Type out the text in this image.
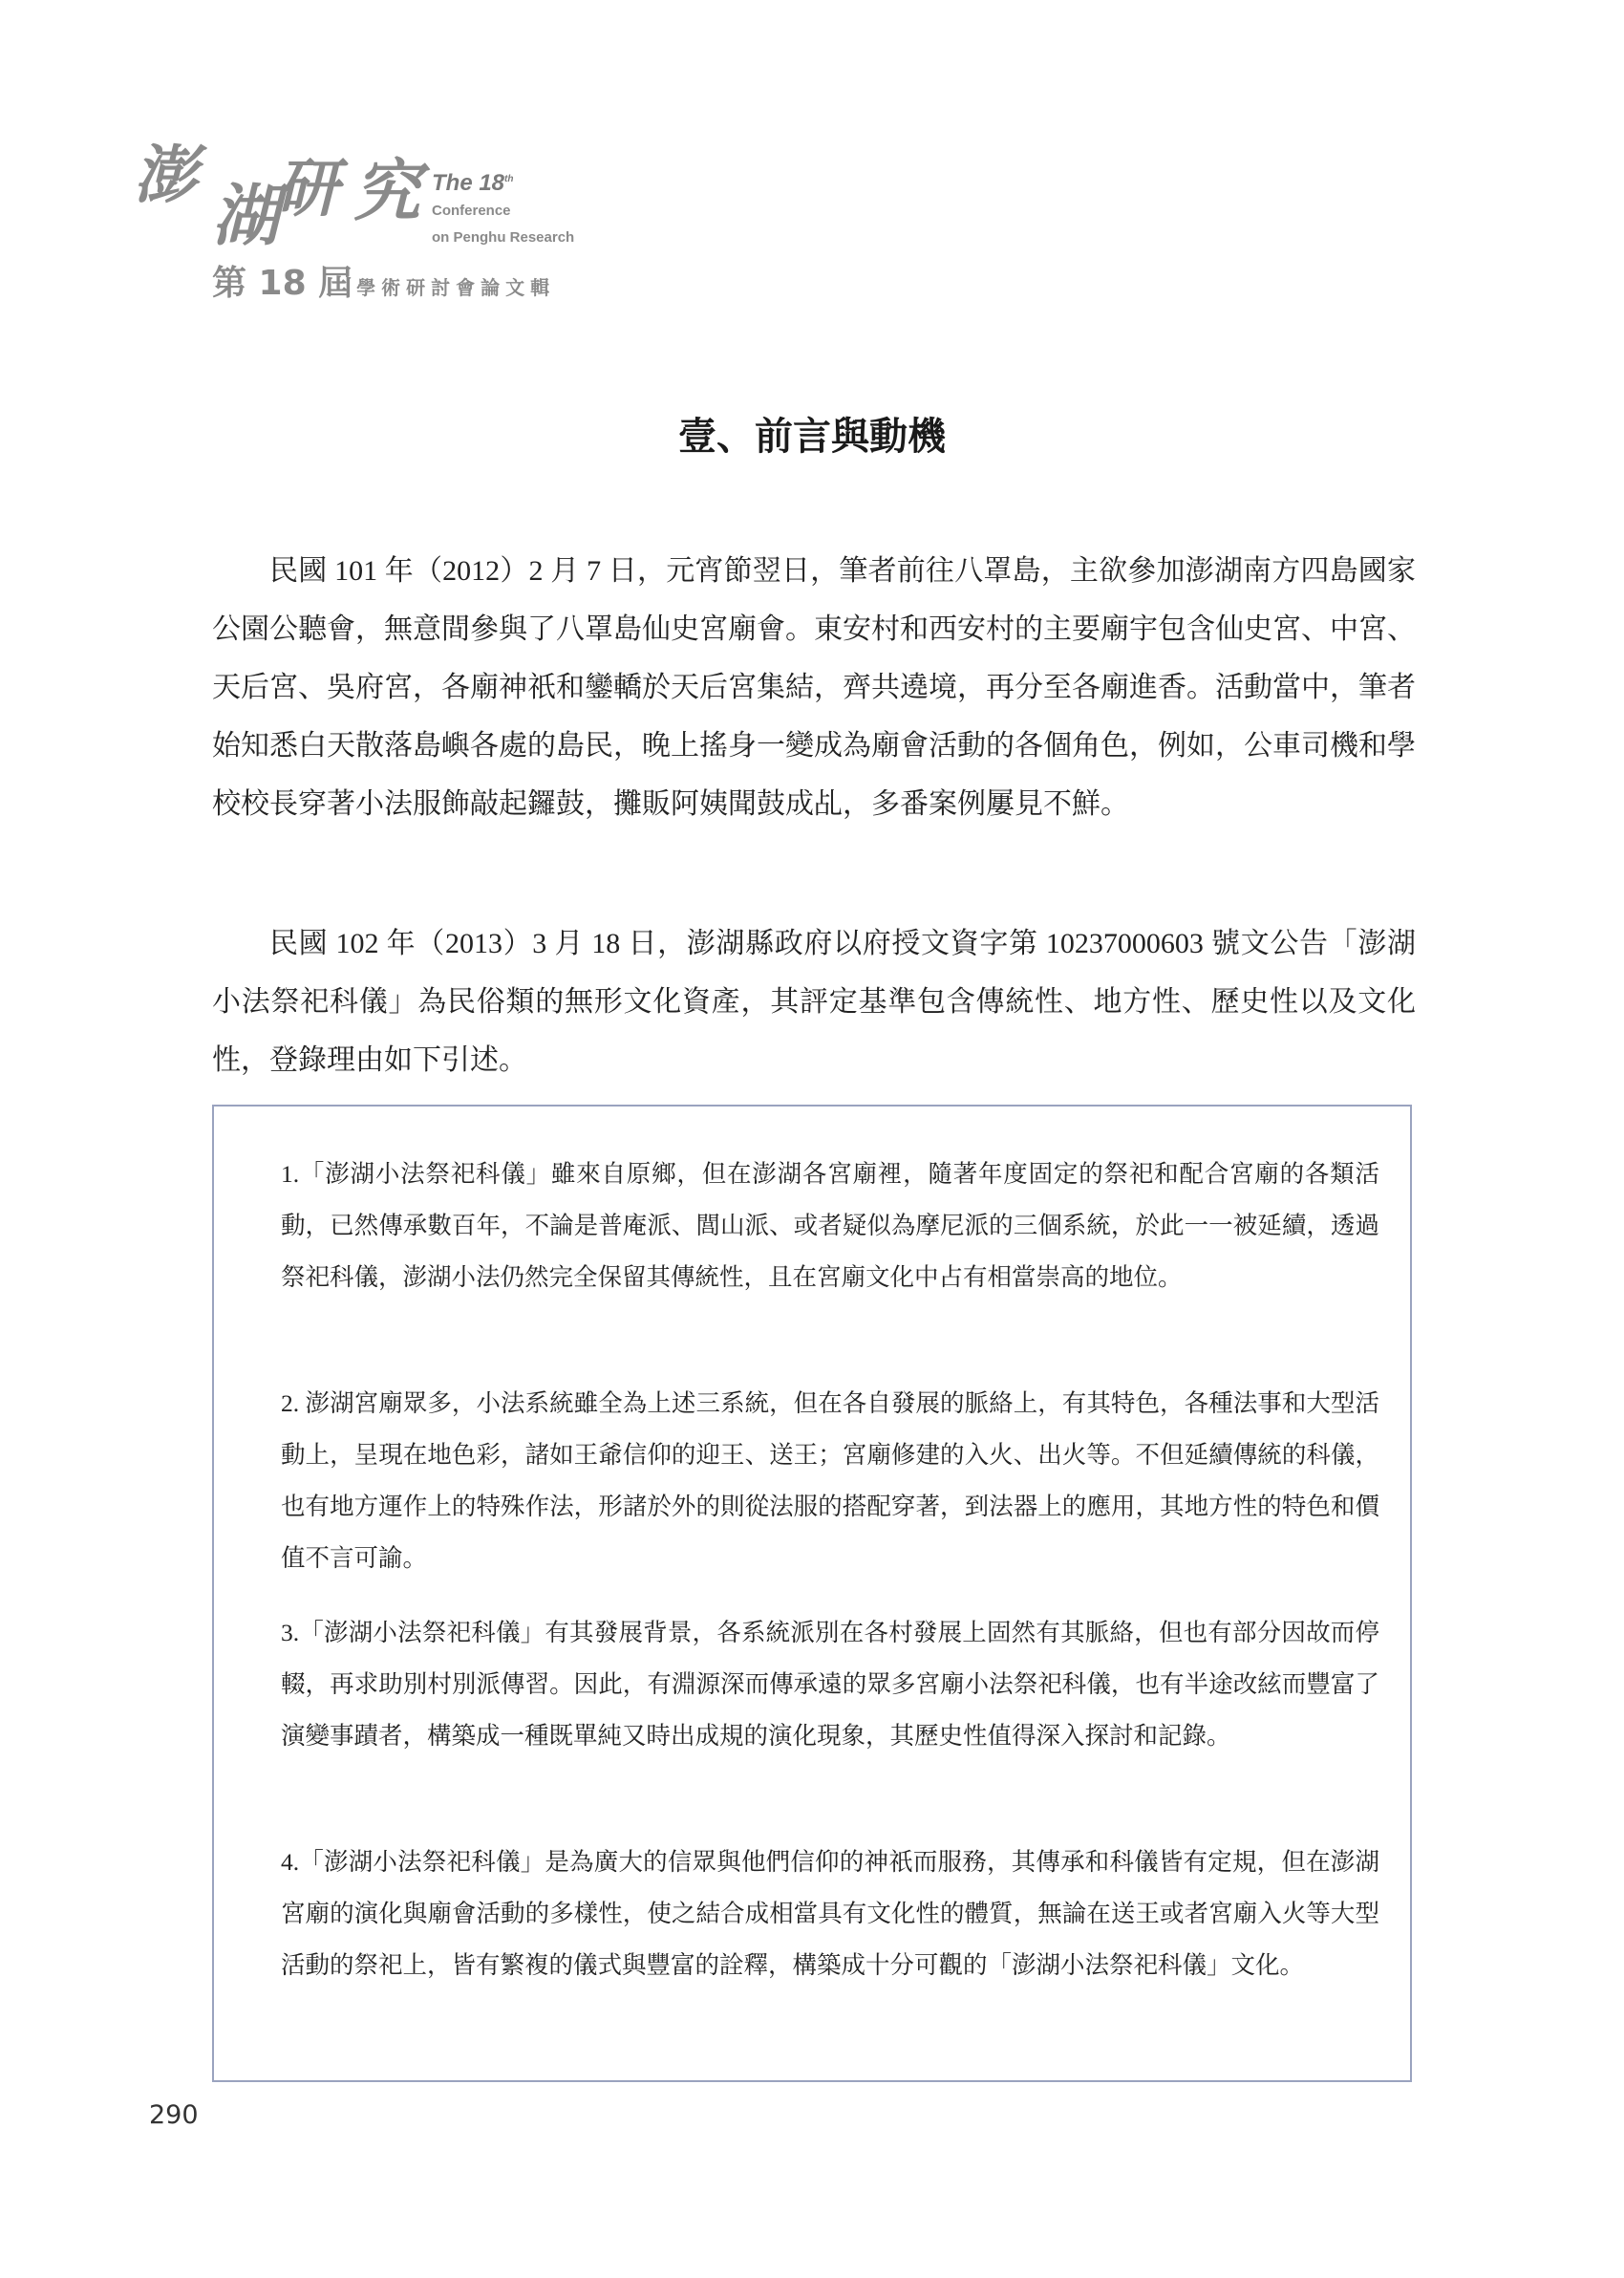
澎
湖
研 究 The 18th
Conference
on Penghu Research
第 18 屆 學術研討會論文輯
壹、前言與動機

民國 101 年（2012）2 月 7 日，元宵節翌日，筆者前往八罩島，主欲參加澎湖南方四島國家公園公聽會，無意間參與了八罩島仙史宮廟會。東安村和西安村的主要廟宇包含仙史宮、中宮、天后宮、吳府宮，各廟神祇和鑾轎於天后宮集結，齊共遶境，再分至各廟進香。活動當中，筆者始知悉白天散落島嶼各處的島民，晚上搖身一變成為廟會活動的各個角色，例如，公車司機和學校校長穿著小法服飾敲起鑼鼓，攤販阿姨聞鼓成乩，多番案例屢見不鮮。

民國 102 年（2013）3 月 18 日，澎湖縣政府以府授文資字第 10237000603 號文公告「澎湖小法祭祀科儀」為民俗類的無形文化資產，其評定基準包含傳統性、地方性、歷史性以及文化性，登錄理由如下引述。

1.「澎湖小法祭祀科儀」雖來自原鄉，但在澎湖各宮廟裡，隨著年度固定的祭祀和配合宮廟的各類活動，已然傳承數百年，不論是普庵派、閭山派、或者疑似為摩尼派的三個系統，於此一一被延續，透過祭祀科儀，澎湖小法仍然完全保留其傳統性，且在宮廟文化中占有相當崇高的地位。

2. 澎湖宮廟眾多，小法系統雖全為上述三系統，但在各自發展的脈絡上，有其特色，各種法事和大型活動上，呈現在地色彩，諸如王爺信仰的迎王、送王；宮廟修建的入火、出火等。不但延續傳統的科儀，也有地方運作上的特殊作法，形諸於外的則從法服的搭配穿著，到法器上的應用，其地方性的特色和價值不言可諭。

3.「澎湖小法祭祀科儀」有其發展背景，各系統派別在各村發展上固然有其脈絡，但也有部分因故而停輟，再求助別村別派傳習。因此，有淵源深而傳承遠的眾多宮廟小法祭祀科儀，也有半途改絃而豐富了演變事蹟者，構築成一種既單純又時出成規的演化現象，其歷史性值得深入探討和記錄。

4.「澎湖小法祭祀科儀」是為廣大的信眾與他們信仰的神祇而服務，其傳承和科儀皆有定規，但在澎湖宮廟的演化與廟會活動的多樣性，使之結合成相當具有文化性的體質，無論在送王或者宮廟入火等大型活動的祭祀上，皆有繁複的儀式與豐富的詮釋，構築成十分可觀的「澎湖小法祭祀科儀」文化。

290
